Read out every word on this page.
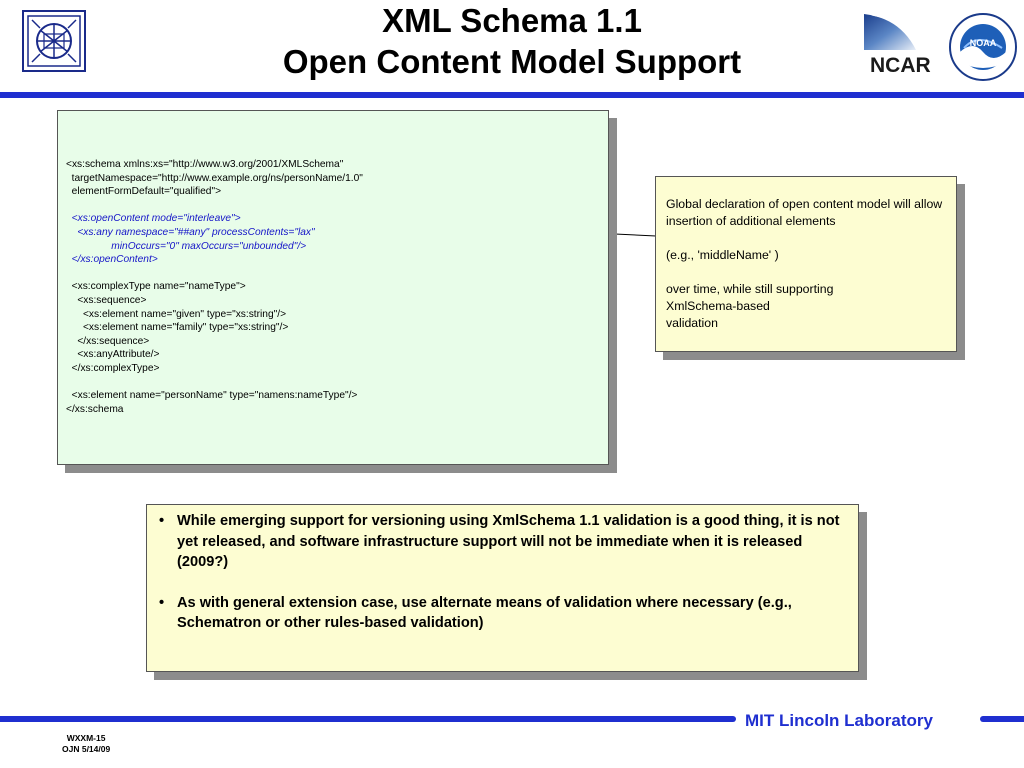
XML Schema 1.1
Open Content Model Support	NCAR
NOAA
<xs:schema xmlns:xs="http://www.w3.org/2001/XMLSchema"
targetNamespace="http://www.example.org/ns/personName/1.0"
elementFormDefault="qualified">

<xs:openContent mode="interleave">
<xs:any namespace="##any" processContents="lax"
minOccurs="0" maxOccurs="unbounded"/>
</xs:openContent>

<xs:complexType name="nameType">
<xs:sequence>
<xs:element name="given" type="xs:string"/>
<xs:element name="family" type="xs:string"/>
</xs:sequence>
<xs:anyAttribute/>
</xs:complexType>

<xs:element name="personName" type="namens:nameType"/>
</xs:schema

Global declaration of open content model will allow insertion of additional elements

(e.g., 'middleName' )

over time, while still supporting
XmlSchema-based
validation

• While emerging support for versioning using XmlSchema 1.1 validation is a good thing, it is not yet released, and software infrastructure support will not be immediate when it is released (2009?)
• As with general extension case, use alternate means of validation where necessary (e.g., Schematron or other rules-based validation)
MIT Lincoln Laboratory
WXXM-15
OJN 5/14/09
